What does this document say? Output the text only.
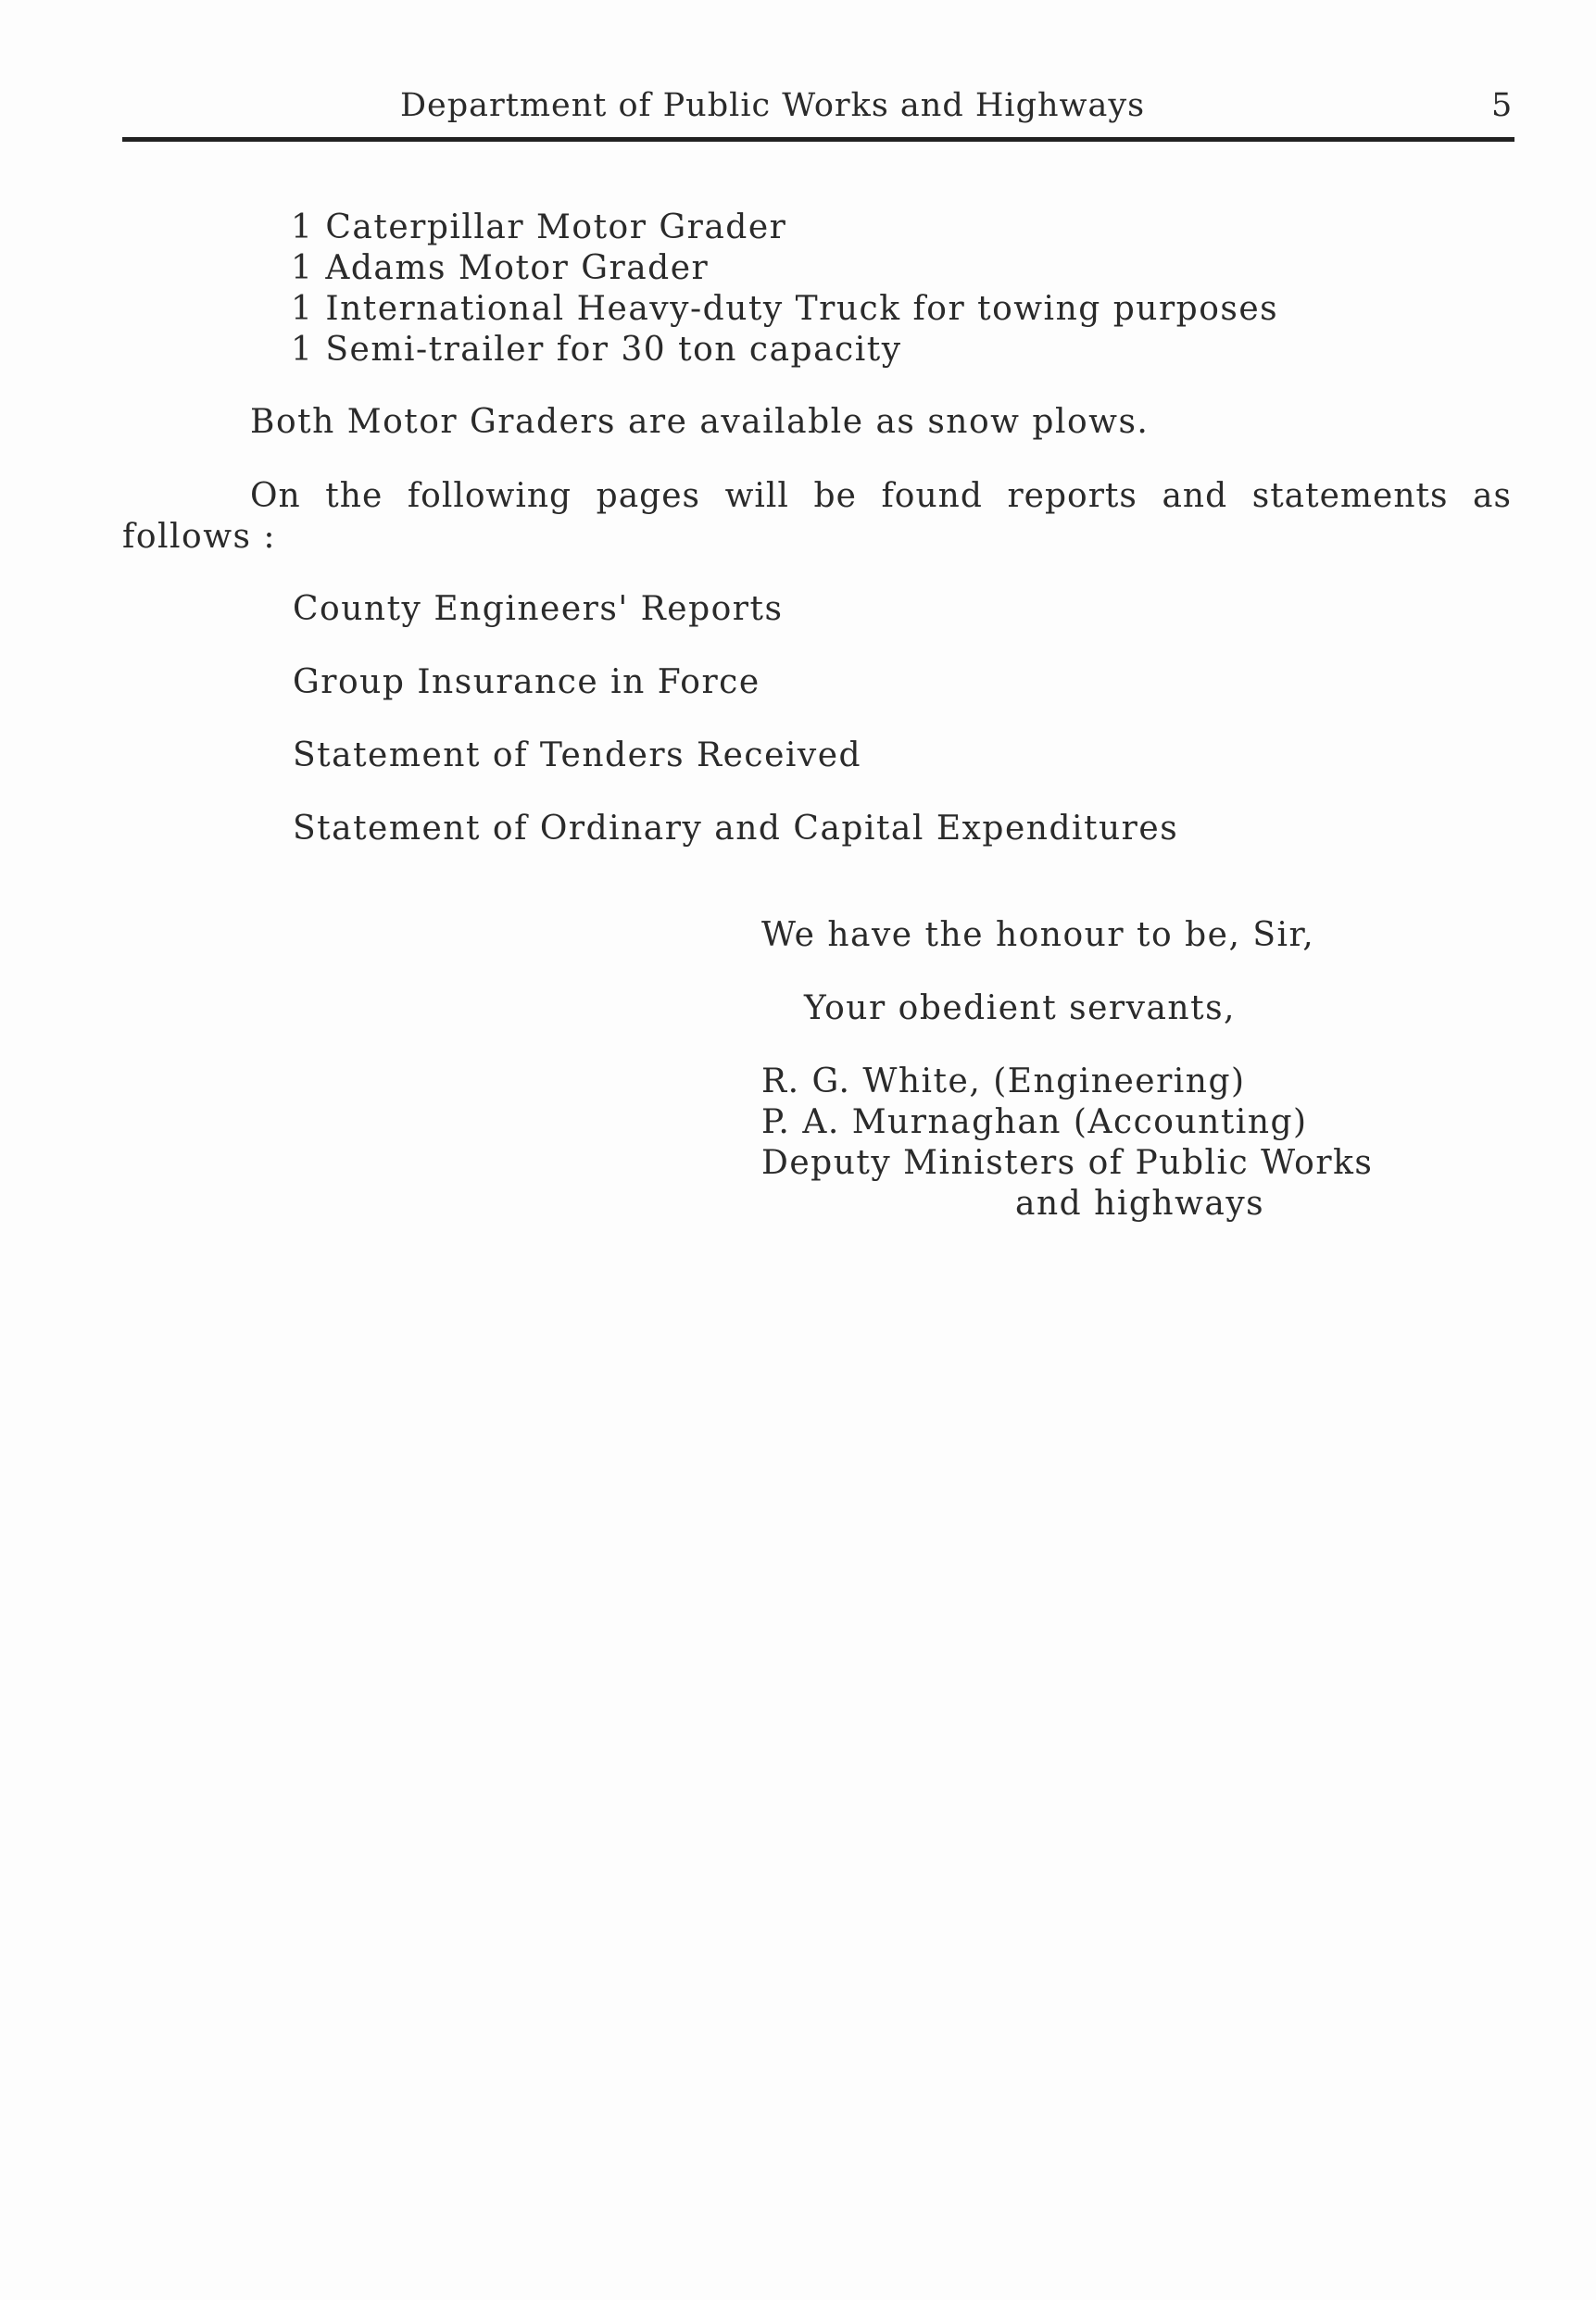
Department of Public Works and Highways	5
1 Caterpillar Motor Grader
1 Adams Motor Grader
1 International Heavy-duty Truck for towing purposes
1 Semi-trailer for 30 ton capacity
Both Motor Graders are available as snow plows.
On the following pages will be found reports and statements as
follows :
County Engineers' Reports
Group Insurance in Force
Statement of Tenders Received
Statement of Ordinary and Capital Expenditures
We have the honour to be, Sir,
Your obedient servants,
R. G. White, (Engineering)
P. A. Murnaghan (Accounting)
Deputy Ministers of Public Works
and highways
